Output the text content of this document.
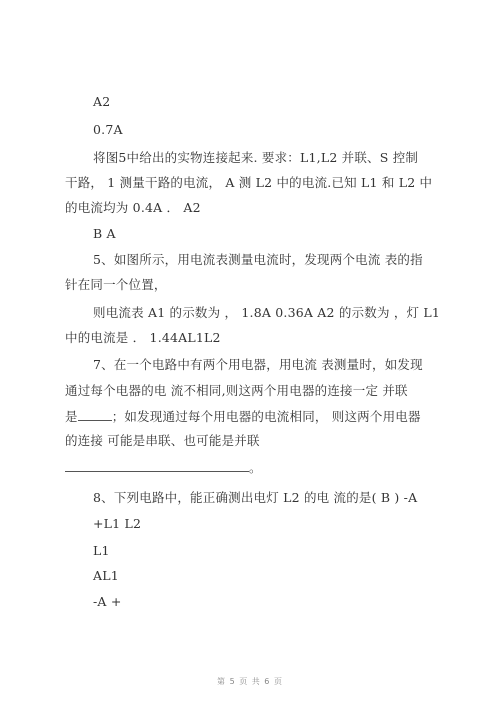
A2
0.7A
将图5中给出的实物连接起来. 要求：L1,L2 并联、S 控制
干路， 1 测量干路的电流， A 测 L2 中的电流.已知 L1 和 L2 中
的电流均为 0.4A ． A2
B A
5、如图所示，用电流表测量电流时，发现两个电流 表的指
针在同一个位置，
则电流表 A1 的示数为 ， 1.8A 0.36A A2 的示数为 ，灯 L1
中的电流是 ． 1.44AL1L2
7、在一个电路中有两个用电器，用电流 表测量时，如发现
通过每个电器的电 流不相同,则这两个用电器的连接一定 并联
是	；如发现通过每个用电器的电流相同， 则这两个用电器
的连接 可能是串联、也可能是并联
。
8、下列电路中，能正确测出电灯 L2 的电 流的是( B ) -A
+L1 L2
L1
AL1
-A +
第 5 页 共 6 页
